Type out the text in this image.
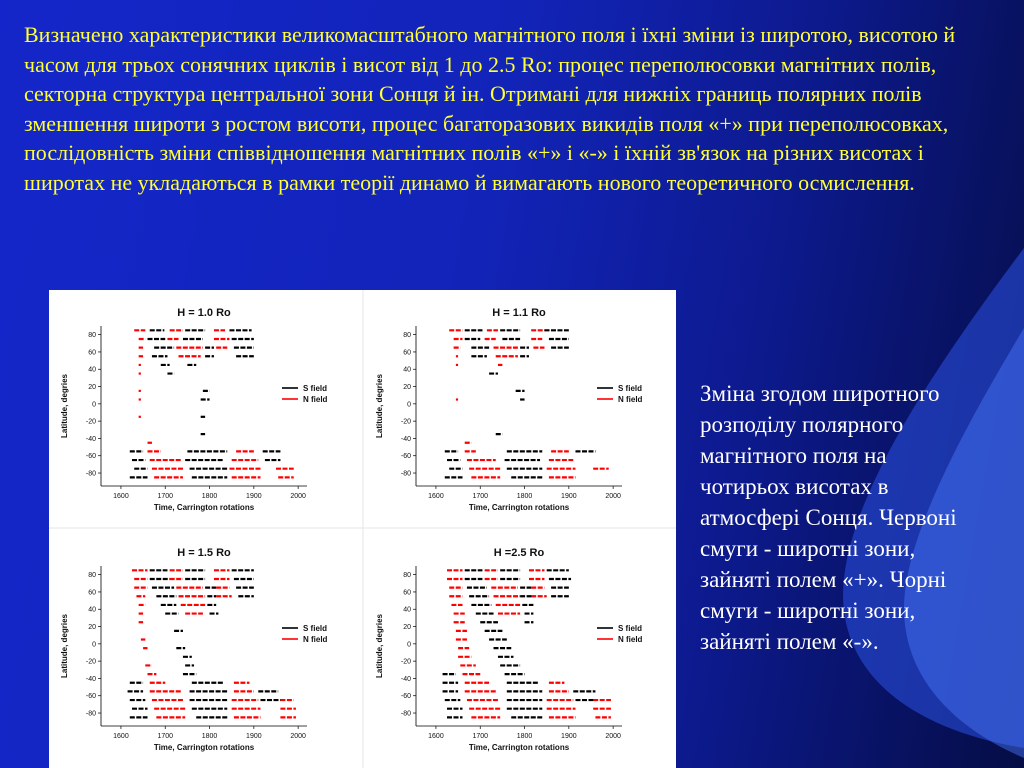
Визначено характеристики великомасштабного магнітного поля і їхні зміни із широтою, висотою й часом для трьох сонячних циклів і висот від 1 до 2.5 Ro: процес переполюсовки магнітних полів, секторна структура центральної зони Сонця й ін. Отримані для нижніх границь полярних полів зменшення широти з ростом висоти, процес багаторазових викидів поля «+» при переполюсовках, послідовність зміни співвідношення магнітних полів «+» і «-» і їхній зв'язок на різних висотах і широтах не укладаються в рамки теорії динамо й вимагають нового теоретичного осмислення.
H = 1.0 Ro
80
60
40
20
0
-20
-40
-60
-80
1600	1700	1800	1900	2000
Time, Carrington rotations
Latitude, degries	S field
N field
H = 1.1 Ro
80
60
40
20
0
-20
-40
-60
-80
1600	1700	1800	1900	2000
Time, Carrington rotations
Latitude, degries	S field
N field
H = 1.5 Ro
80
60
40
20
0
-20
-40
-60
-80
1600	1700	1800	1900	2000
Time, Carrington rotations
Latitude, degries	S field
N field
H =2.5 Ro
80
60
40
20
0
-20
-40
-60
-80
1600	1700	1800	1900	2000
Time, Carrington rotations
Latitude, degries	S field
N field
Зміна згодом широтного розподілу полярного магнітного поля на чотирьох висотах в атмосфері Сонця. Червоні смуги - широтні зони, зайняті полем «+». Чорні смуги - широтні зони, зайняті полем «-».
